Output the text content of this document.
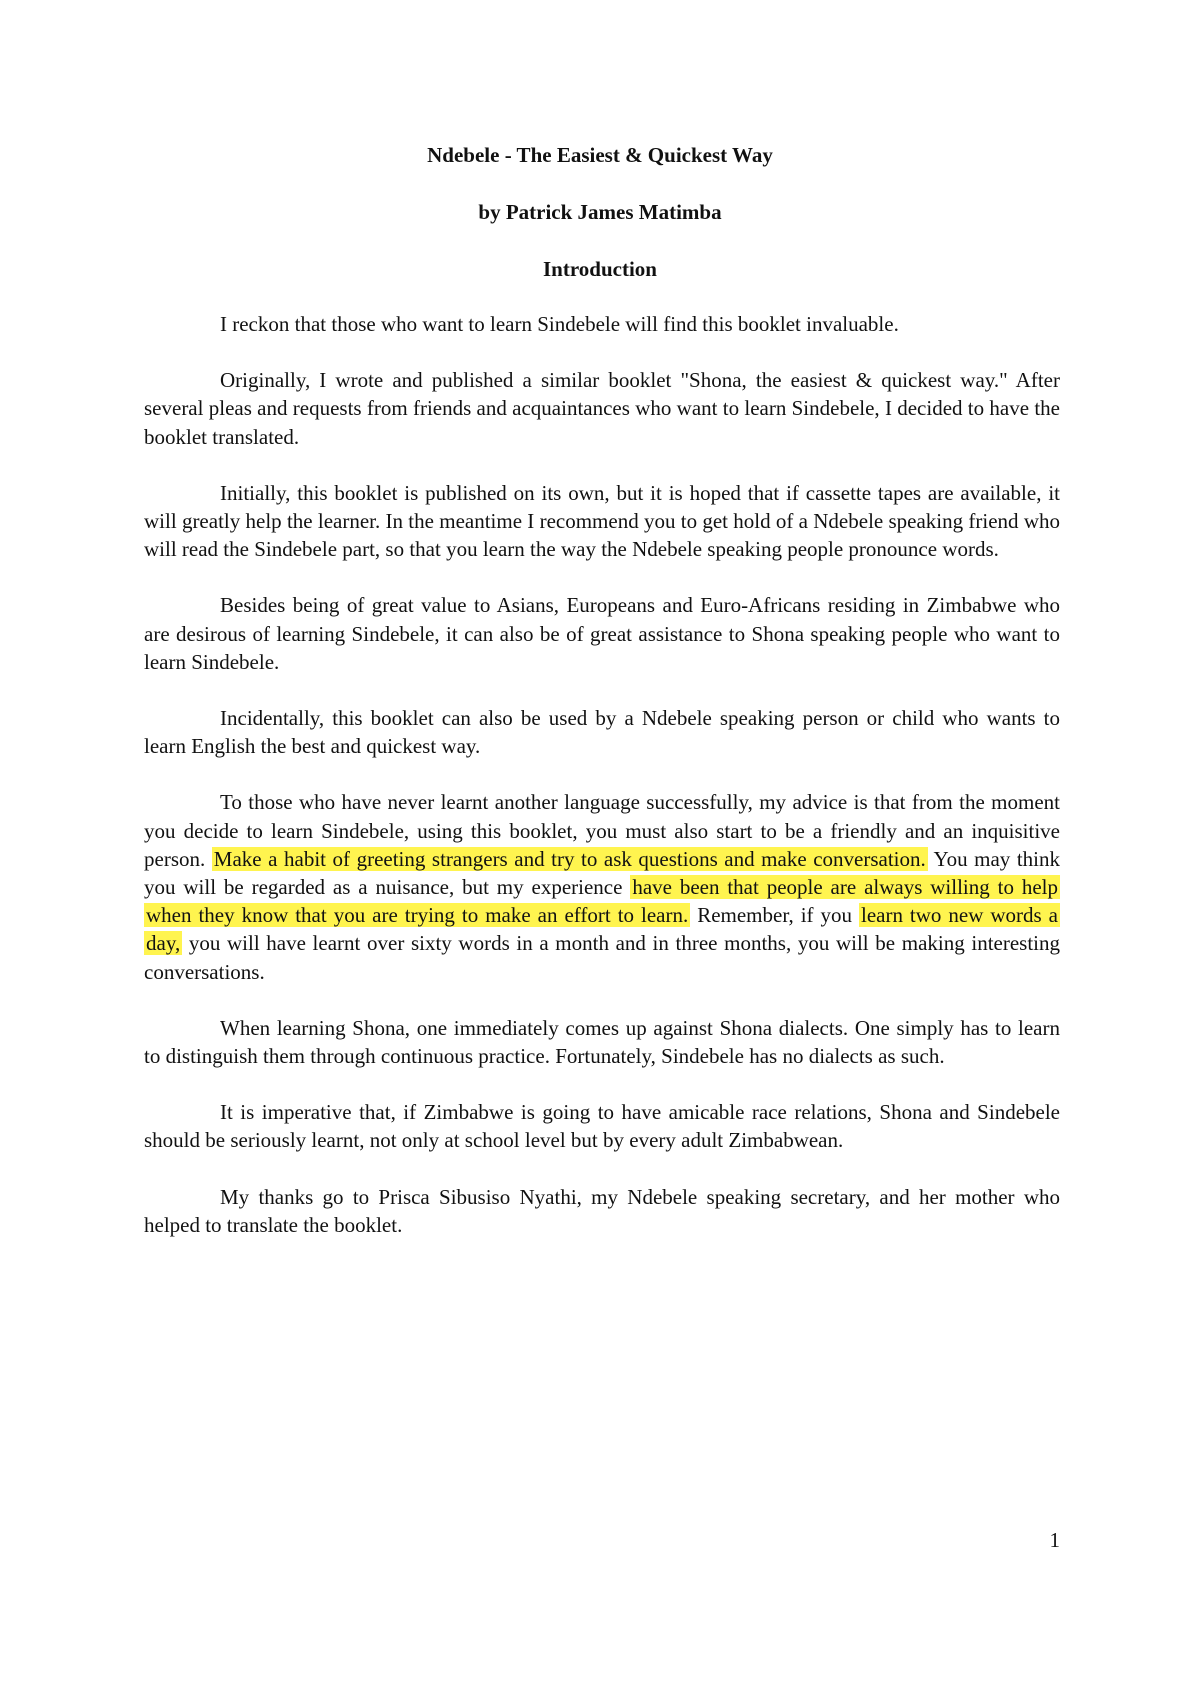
Ndebele - The Easiest & Quickest Way
by Patrick James Matimba
Introduction

I reckon that those who want to learn Sindebele will find this booklet invaluable.

Originally, I wrote and published a similar booklet "Shona, the easiest & quickest way." After several pleas and requests from friends and acquaintances who want to learn Sindebele, I decided to have the booklet translated.

Initially, this booklet is published on its own, but it is hoped that if cassette tapes are available, it will greatly help the learner. In the meantime I recommend you to get hold of a Ndebele speaking friend who will read the Sindebele part, so that you learn the way the Ndebele speaking people pronounce words.

Besides being of great value to Asians, Europeans and Euro-Africans residing in Zimbabwe who are desirous of learning Sindebele, it can also be of great assistance to Shona speaking people who want to learn Sindebele.

Incidentally, this booklet can also be used by a Ndebele speaking person or child who wants to learn English the best and quickest way.

To those who have never learnt another language successfully, my advice is that from the moment you decide to learn Sindebele, using this booklet, you must also start to be a friendly and an inquisitive person. Make a habit of greeting strangers and try to ask questions and make conversation. You may think you will be regarded as a nuisance, but my experience have been that people are always willing to help when they know that you are trying to make an effort to learn. Remember, if you learn two new words a day, you will have learnt over sixty words in a month and in three months, you will be making interesting conversations.

When learning Shona, one immediately comes up against Shona dialects. One simply has to learn to distinguish them through continuous practice. Fortunately, Sindebele has no dialects as such.

It is imperative that, if Zimbabwe is going to have amicable race relations, Shona and Sindebele should be seriously learnt, not only at school level but by every adult Zimbabwean.

My thanks go to Prisca Sibusiso Nyathi, my Ndebele speaking secretary, and her mother who helped to translate the booklet.

1
